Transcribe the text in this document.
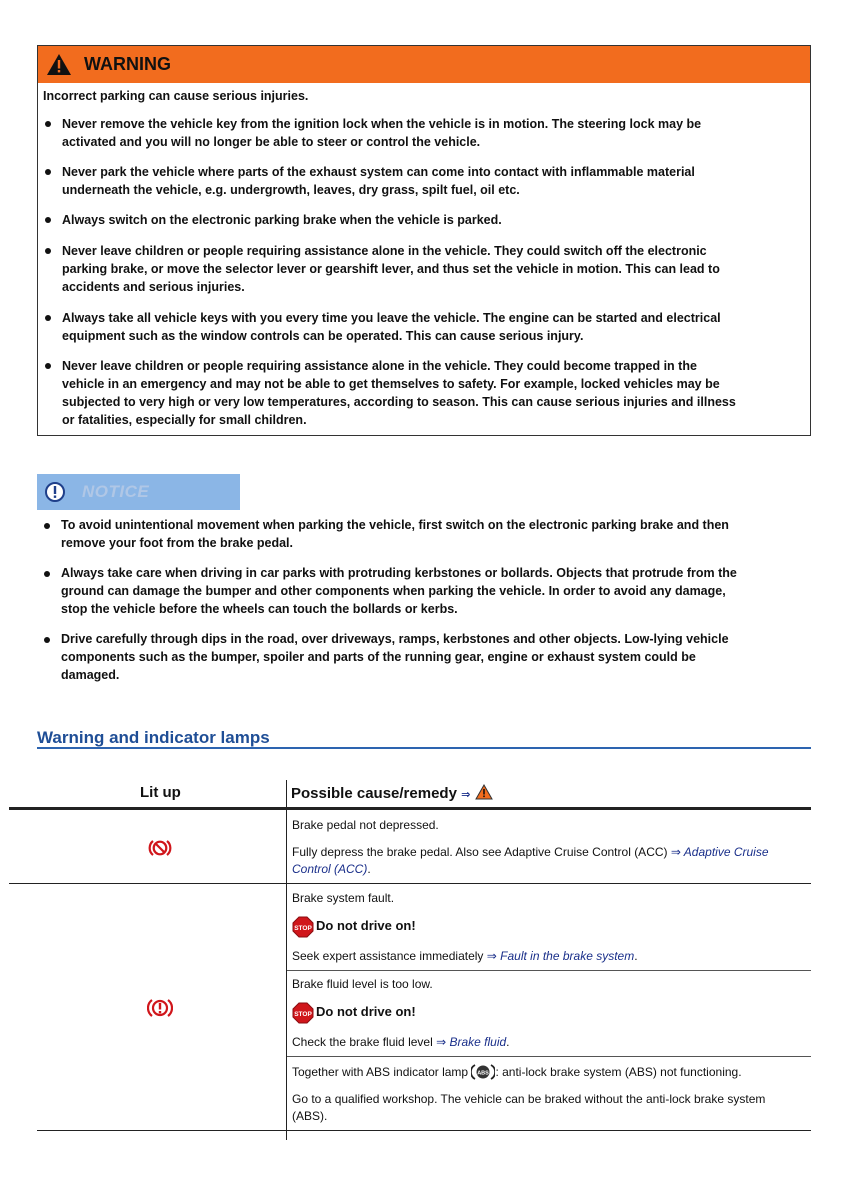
WARNING
Incorrect parking can cause serious injuries.
Never remove the vehicle key from the ignition lock when the vehicle is in motion. The steering lock may be
activated and you will no longer be able to steer or control the vehicle.
Never park the vehicle where parts of the exhaust system can come into contact with inflammable material
underneath the vehicle, e.g. undergrowth, leaves, dry grass, spilt fuel, oil etc.
Always switch on the electronic parking brake when the vehicle is parked.
Never leave children or people requiring assistance alone in the vehicle. They could switch off the electronic
parking brake, or move the selector lever or gearshift lever, and thus set the vehicle in motion. This can lead to
accidents and serious injuries.
Always take all vehicle keys with you every time you leave the vehicle. The engine can be started and electrical
equipment such as the window controls can be operated. This can cause serious injury.
Never leave children or people requiring assistance alone in the vehicle. They could become trapped in the
vehicle in an emergency and may not be able to get themselves to safety. For example, locked vehicles may be
subjected to very high or very low temperatures, according to season. This can cause serious injuries and illness
or fatalities, especially for small children.
NOTICE
To avoid unintentional movement when parking the vehicle, first switch on the electronic parking brake and then
remove your foot from the brake pedal.
Always take care when driving in car parks with protruding kerbstones or bollards. Objects that protrude from the
ground can damage the bumper and other components when parking the vehicle. In order to avoid any damage,
stop the vehicle before the wheels can touch the bollards or kerbs.
Drive carefully through dips in the road, over driveways, ramps, kerbstones and other objects. Low-lying vehicle
components such as the bumper, spoiler and parts of the running gear, engine or exhaust system could be
damaged.
Warning and indicator lamps
Lit up	Possible cause/remedy ⇒
Brake pedal not depressed.
Fully depress the brake pedal. Also see Adaptive Cruise Control (ACC) ⇒ Adaptive Cruise
Control (ACC).
Brake system fault.
STOP Do not drive on!
Seek expert assistance immediately ⇒ Fault in the brake system.
Brake fluid level is too low.
STOP Do not drive on!
Check the brake fluid level ⇒ Brake fluid.
Together with ABS indicator lamp ABS : anti-lock brake system (ABS) not functioning.
Go to a qualified workshop. The vehicle can be braked without the anti-lock brake system
(ABS).
